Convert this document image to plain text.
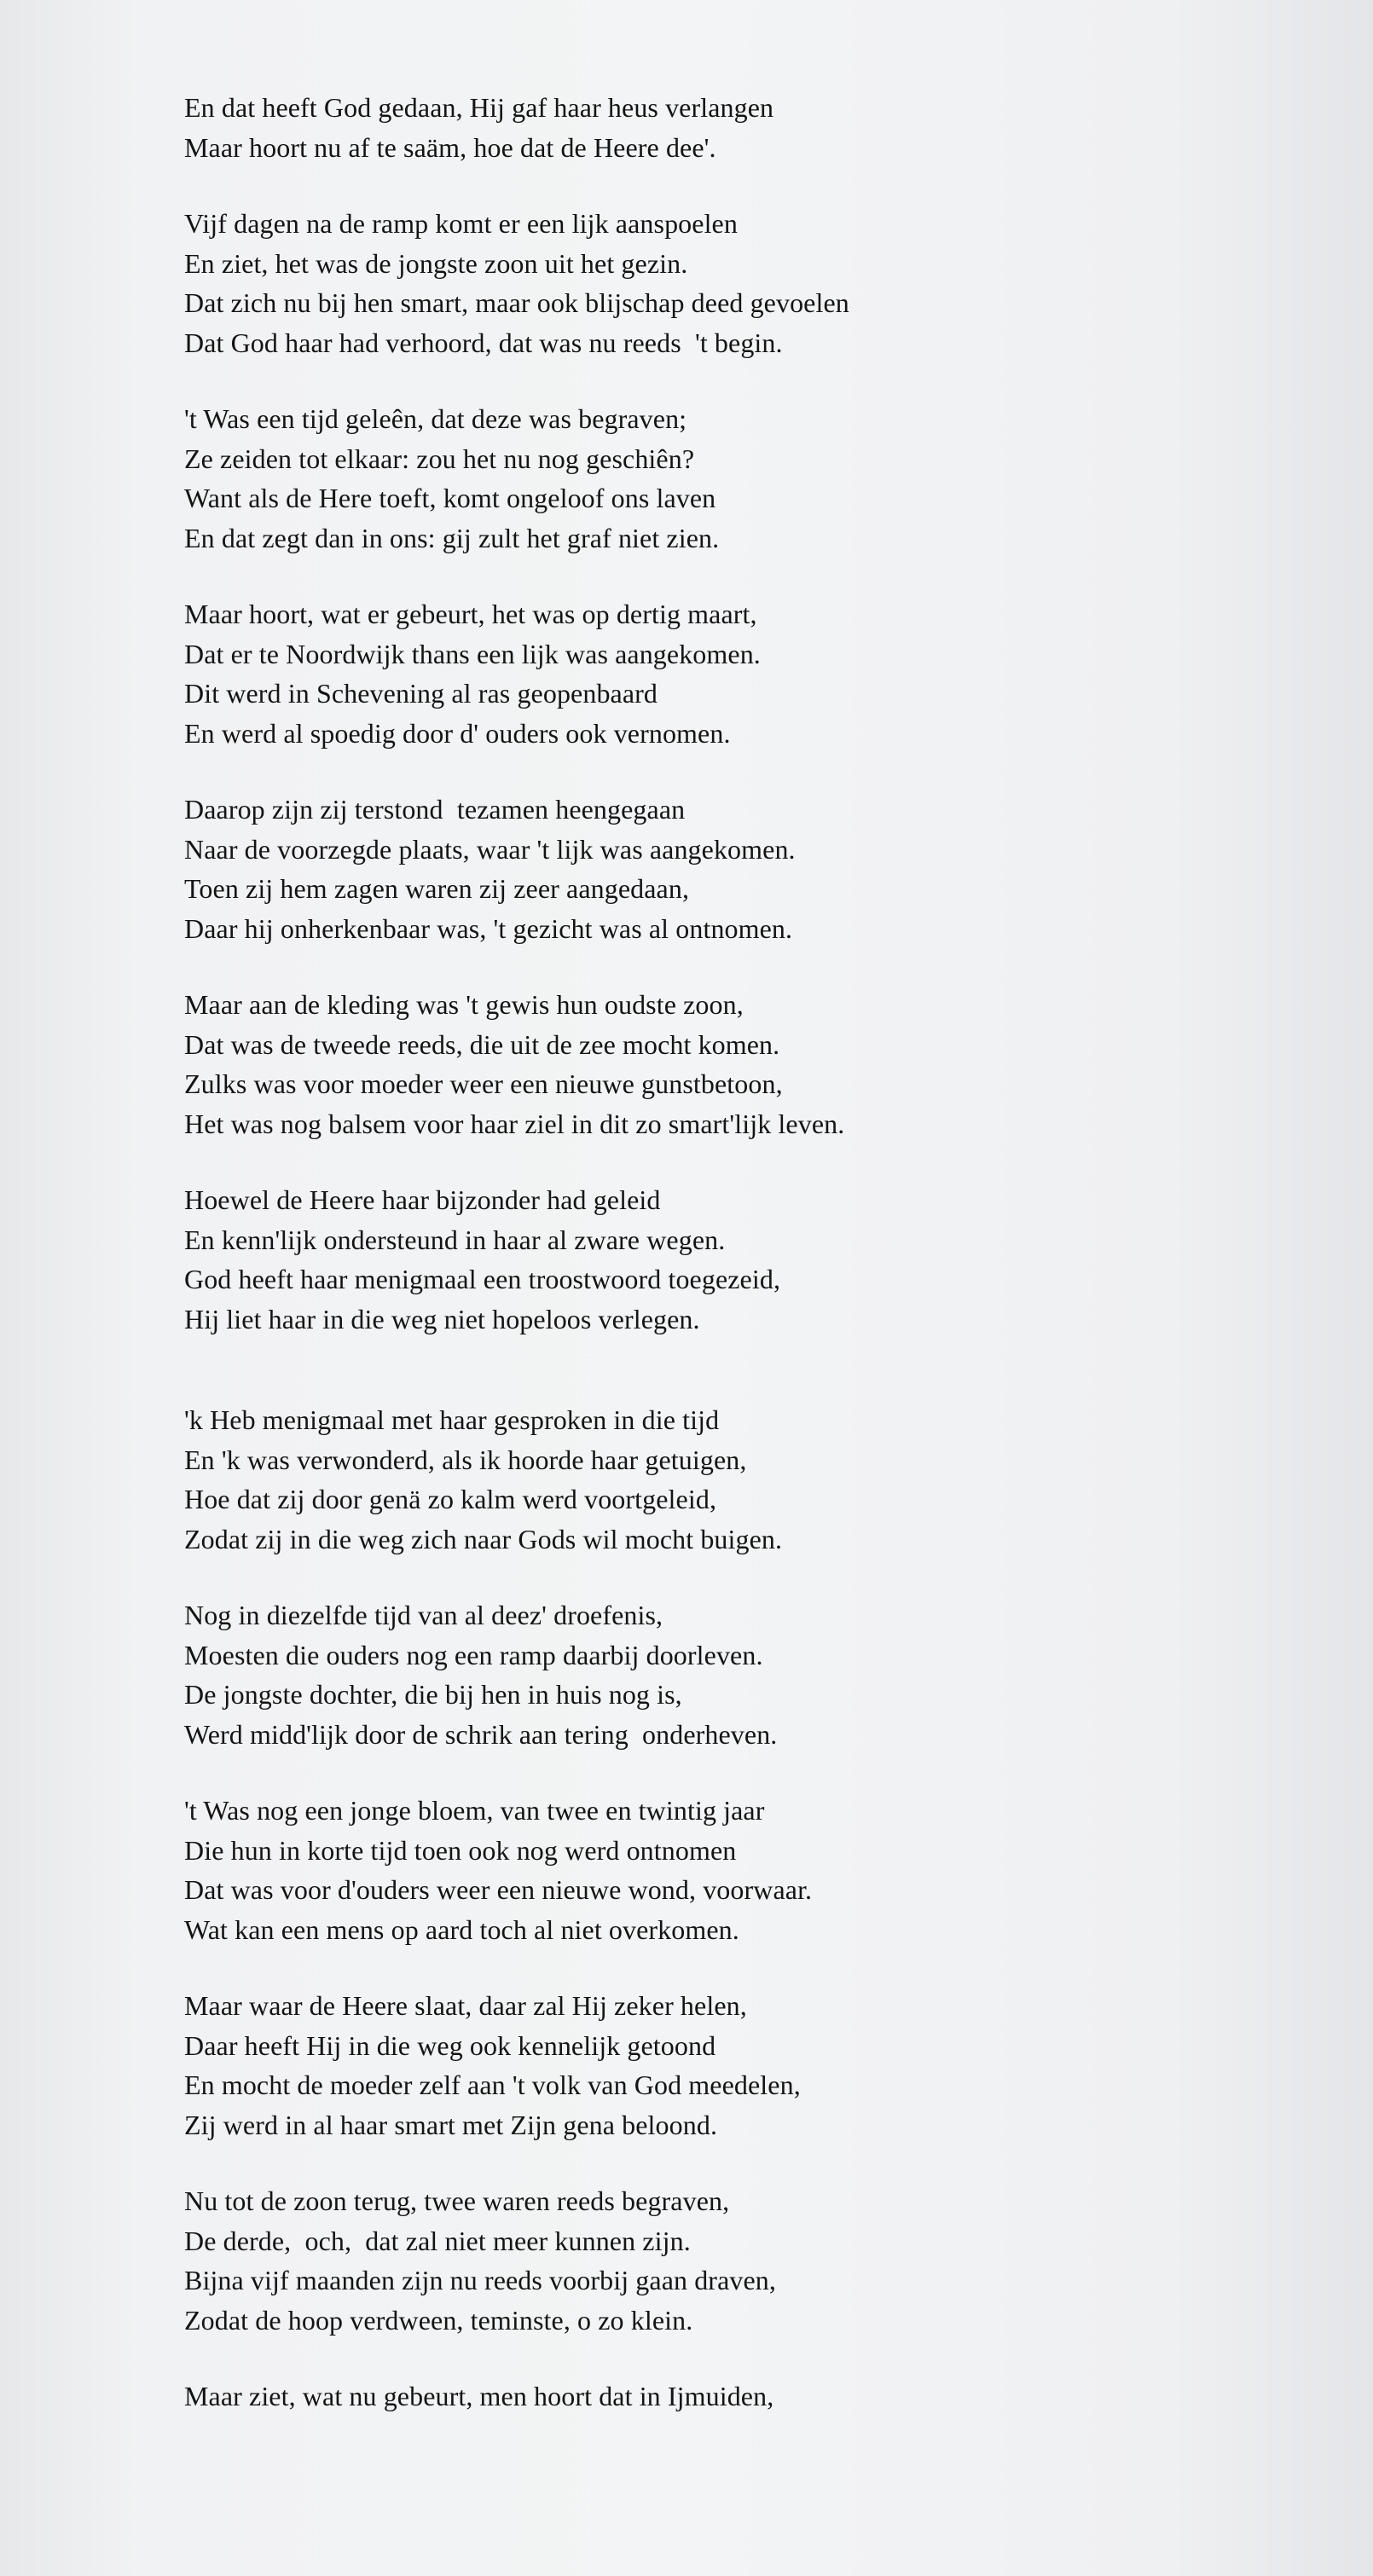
En dat heeft God gedaan, Hij gaf haar heus verlangen
Maar hoort nu af te saäm, hoe dat de Heere dee'.
Vijf dagen na de ramp komt er een lijk aanspoelen
En ziet, het was de jongste zoon uit het gezin.
Dat zich nu bij hen smart, maar ook blijschap deed gevoelen
Dat God haar had verhoord, dat was nu reeds  't begin.
't Was een tijd geleên, dat deze was begraven;
Ze zeiden tot elkaar: zou het nu nog geschiên?
Want als de Here toeft, komt ongeloof ons laven
En dat zegt dan in ons: gij zult het graf niet zien.
Maar hoort, wat er gebeurt, het was op dertig maart,
Dat er te Noordwijk thans een lijk was aangekomen.
Dit werd in Schevening al ras geopenbaard
En werd al spoedig door d' ouders ook vernomen.
Daarop zijn zij terstond  tezamen heengegaan
Naar de voorzegde plaats, waar 't lijk was aangekomen.
Toen zij hem zagen waren zij zeer aangedaan,
Daar hij onherkenbaar was, 't gezicht was al ontnomen.
Maar aan de kleding was 't gewis hun oudste zoon,
Dat was de tweede reeds, die uit de zee mocht komen.
Zulks was voor moeder weer een nieuwe gunstbetoon,
Het was nog balsem voor haar ziel in dit zo smart'lijk leven.
Hoewel de Heere haar bijzonder had geleid
En kenn'lijk ondersteund in haar al zware wegen.
God heeft haar menigmaal een troostwoord toegezeid,
Hij liet haar in die weg niet hopeloos verlegen.
'k Heb menigmaal met haar gesproken in die tijd
En 'k was verwonderd, als ik hoorde haar getuigen,
Hoe dat zij door genä zo kalm werd voortgeleid,
Zodat zij in die weg zich naar Gods wil mocht buigen.
Nog in diezelfde tijd van al deez' droefenis,
Moesten die ouders nog een ramp daarbij doorleven.
De jongste dochter, die bij hen in huis nog is,
Werd midd'lijk door de schrik aan tering  onderheven.
't Was nog een jonge bloem, van twee en twintig jaar
Die hun in korte tijd toen ook nog werd ontnomen
Dat was voor d'ouders weer een nieuwe wond, voorwaar.
Wat kan een mens op aard toch al niet overkomen.
Maar waar de Heere slaat, daar zal Hij zeker helen,
Daar heeft Hij in die weg ook kennelijk getoond
En mocht de moeder zelf aan 't volk van God meedelen,
Zij werd in al haar smart met Zijn gena beloond.
Nu tot de zoon terug, twee waren reeds begraven,
De derde,  och,  dat zal niet meer kunnen zijn.
Bijna vijf maanden zijn nu reeds voorbij gaan draven,
Zodat de hoop verdween, teminste, o zo klein.
Maar ziet, wat nu gebeurt, men hoort dat in Ijmuiden,
